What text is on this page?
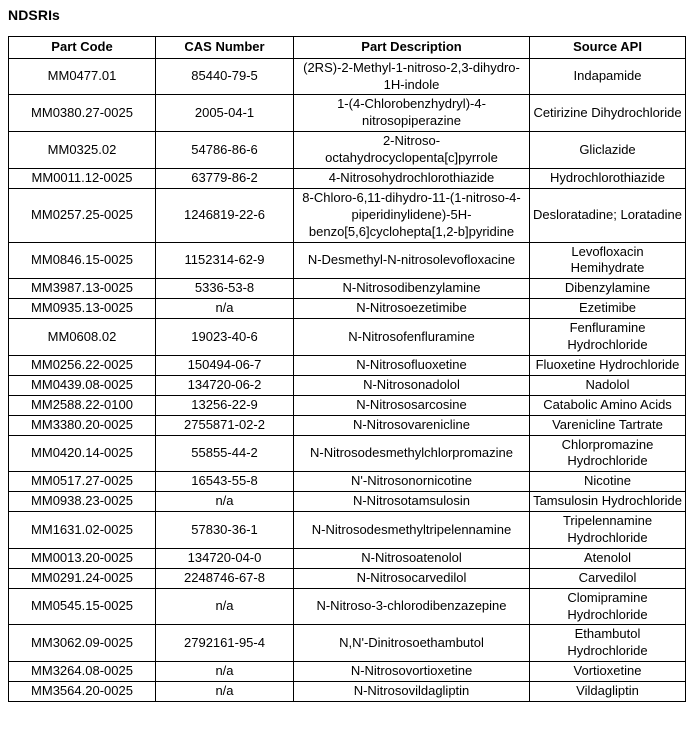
NDSRIs
Part Code	CAS Number	Part Description	Source API
MM0477.01	85440-79-5	(2RS)-2-Methyl-1-nitroso-2,3-dihydro-1H-indole	Indapamide
MM0380.27-0025	2005-04-1	1-(4-Chlorobenzhydryl)-4-nitrosopiperazine	Cetirizine Dihydrochloride
MM0325.02	54786-86-6	2-Nitroso-octahydrocyclopenta[c]pyrrole	Gliclazide
MM0011.12-0025	63779-86-2	4-Nitrosohydrochlorothiazide	Hydrochlorothiazide
MM0257.25-0025	1246819-22-6	8-Chloro-6,11-dihydro-11-(1-nitroso-4-piperidinylidene)-5H-benzo[5,6]cyclohepta[1,2-b]pyridine	Desloratadine; Loratadine
MM0846.15-0025	1152314-62-9	N-Desmethyl-N-nitrosolevofloxacine	Levofloxacin Hemihydrate
MM3987.13-0025	5336-53-8	N-Nitrosodibenzylamine	Dibenzylamine
MM0935.13-0025	n/a	N-Nitrosoezetimibe	Ezetimibe
MM0608.02	19023-40-6	N-Nitrosofenfluramine	Fenfluramine Hydrochloride
MM0256.22-0025	150494-06-7	N-Nitrosofluoxetine	Fluoxetine Hydrochloride
MM0439.08-0025	134720-06-2	N-Nitrosonadolol	Nadolol
MM2588.22-0100	13256-22-9	N-Nitrososarcosine	Catabolic Amino Acids
MM3380.20-0025	2755871-02-2	N-Nitrosovarenicline	Varenicline Tartrate
MM0420.14-0025	55855-44-2	N-Nitrosodesmethylchlorpromazine	Chlorpromazine Hydrochloride
MM0517.27-0025	16543-55-8	N'-Nitrosonornicotine	Nicotine
MM0938.23-0025	n/a	N-Nitrosotamsulosin	Tamsulosin Hydrochloride
MM1631.02-0025	57830-36-1	N-Nitrosodesmethyltripelennamine	Tripelennamine Hydrochloride
MM0013.20-0025	134720-04-0	N-Nitrosoatenolol	Atenolol
MM0291.24-0025	2248746-67-8	N-Nitrosocarvedilol	Carvedilol
MM0545.15-0025	n/a	N-Nitroso-3-chlorodibenzazepine	Clomipramine Hydrochloride
MM3062.09-0025	2792161-95-4	N,N'-Dinitrosoethambutol	Ethambutol Hydrochloride
MM3264.08-0025	n/a	N-Nitrosovortioxetine	Vortioxetine
MM3564.20-0025	n/a	N-Nitrosovildagliptin	Vildagliptin
